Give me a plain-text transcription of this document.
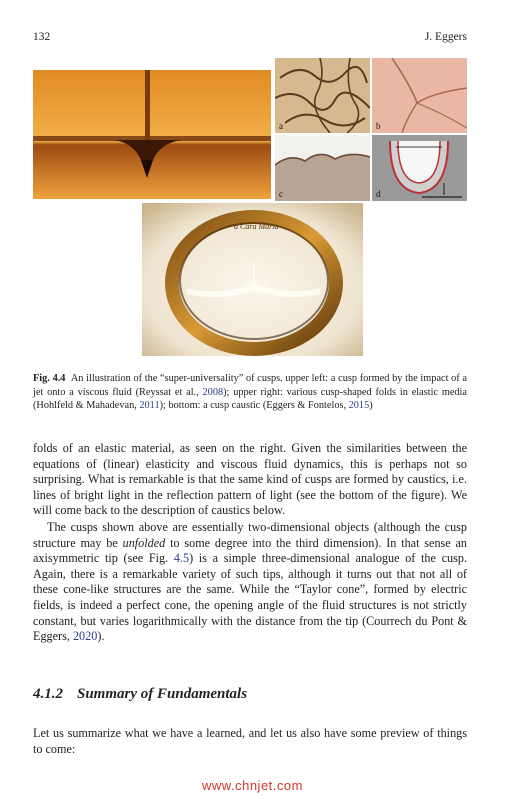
132	J. Eggers
a	b
c	d
a Cara Maria
Fig. 4.4 An illustration of the “super-universality” of cusps. upper left: a cusp formed by the impact of a jet onto a viscous fluid (Reyssat et al., 2008); upper right: various cusp-shaped folds in elastic media (Hohlfeld & Mahadevan, 2011); bottom: a cusp caustic (Eggers & Fontelos, 2015)
folds of an elastic material, as seen on the right. Given the similarities between the equations of (linear) elasticity and viscous fluid dynamics, this is perhaps not so surprising. What is remarkable is that the same kind of cusps are formed by caustics, i.e. lines of bright light in the reflection pattern of light (see the bottom of the figure). We will come back to the description of caustics below.
The cusps shown above are essentially two-dimensional objects (although the cusp structure may be unfolded to some degree into the third dimension). In that sense an axisymmetric tip (see Fig. 4.5) is a simple three-dimensional analogue of the cusp. Again, there is a remarkable variety of such tips, although it turns out that not all of these cone-like structures are the same. While the “Taylor cone”, formed by electric fields, is indeed a perfect cone, the opening angle of the fluid structures is not strictly constant, but varies logarithmically with the distance from the tip (Courrech du Pont & Eggers, 2020).
4.1.2 Summary of Fundamentals
Let us summarize what we have a learned, and let us also have some preview of things to come:
www.chnjet.com
